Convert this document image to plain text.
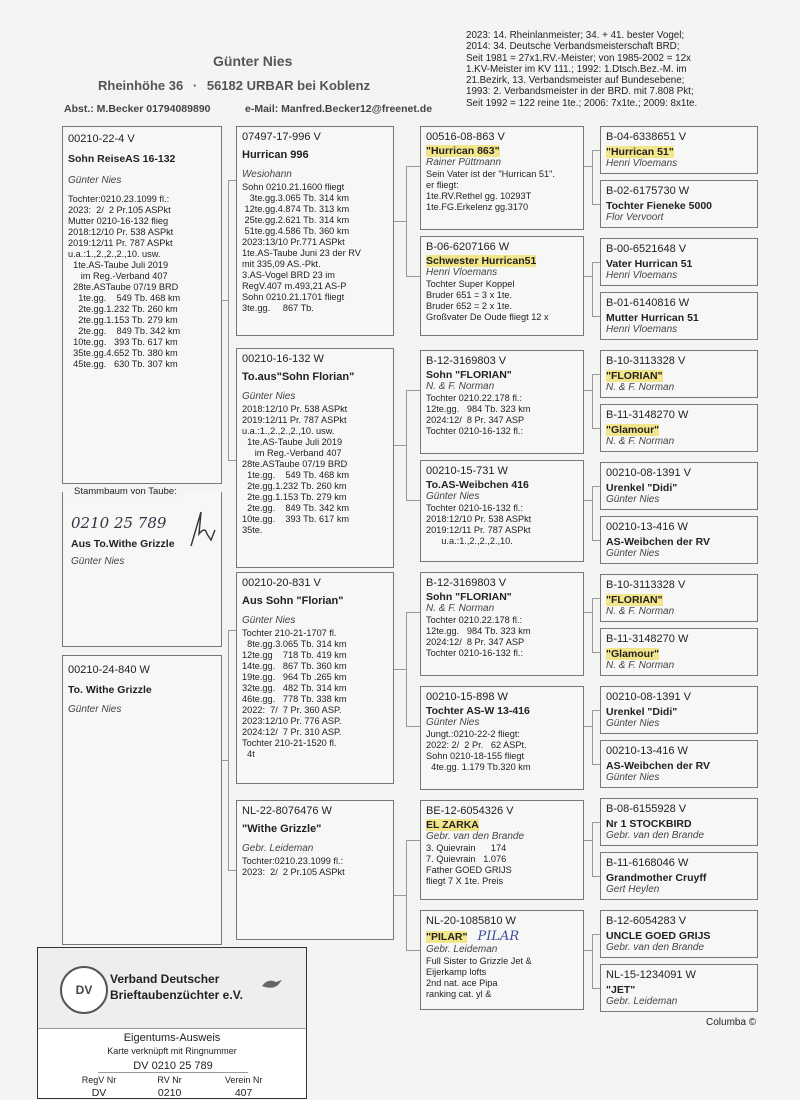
Günter Nies
Rheinhöhe 36 · 56182 URBAR bei Koblenz
Abst.: M.Becker 01794089890	e-Mail: Manfred.Becker12@freenet.de
2023: 14. Rheinlanmeister; 34. + 41. bester Vogel;
2014: 34. Deutsche Verbandsmeisterschaft BRD;
Seit 1981 = 27x1.RV.-Meister; von 1985-2002 = 12x
1.KV-Meister im KV 111.; 1992: 1.Dtsch.Bez.-M. im
21.Bezirk, 13. Verbandsmeister auf Bundesebene;
1993: 2. Verbandsmeister in der BRD. mit 7.808 Pkt;
Seit 1992 = 122 reine 1te.; 2006: 7x1te.; 2009: 8x1te.
00210-22-4 V
Sohn ReiseAS 16-132
Günter Nies
Tochter:0210.23.1099 fl.:
2023:  2/  2 Pr.105 ASPkt
Mutter 0210-16-132 flieg
2018:12/10 Pr. 538 ASPkt
2019:12/11 Pr. 787 ASPkt
u.a.:1.,2.,2.,2.,10. usw.
1te.AS-Taube Juli 2019
im Reg.-Verband 407
28te.ASTaube 07/19 BRD
1te.gg.    549 Tb. 468 km
2te.gg.1.232 Tb. 260 km
2te.gg.1.153 Tb. 279 km
2te.gg.    849 Tb. 342 km
10te.gg.   393 Tb. 617 km
35te.gg.4.652 Tb. 380 km
45te.gg.   630 Tb. 307 km
Stammbaum von Taube:
0210 25 789
Aus To.Withe Grizzle
Günter Nies
00210-24-840 W
To. Withe Grizzle
Günter Nies
07497-17-996 V
Hurrican 996
Wesiohann
Sohn 0210.21.1600 fliegt
3te.gg.3.065 Tb. 314 km
12te.gg.4.874 Tb. 313 km
25te.gg.2.621 Tb. 314 km
51te.gg.4.586 Tb. 360 km
2023:13/10 Pr.771 ASPkt
1te.AS-Taube Juni 23 der RV
mit 335,09 AS.-Pkt.
3.AS-Vogel BRD 23 im
RegV.407 m.493,21 AS-P
Sohn 0210.21.1701 fliegt
3te.gg.     867 Tb.
00210-16-132 W
To.aus"Sohn Florian"
Günter Nies
2018:12/10 Pr. 538 ASPkt
2019:12/11 Pr. 787 ASPkt
u.a.:1.,2.,2.,2.,10. usw.
1te.AS-Taube Juli 2019
im Reg.-Verband 407
28te.ASTaube 07/19 BRD
1te.gg.    549 Tb. 468 km
2te.gg.1.232 Tb. 260 km
2te.gg.1.153 Tb. 279 km
2te.gg.    849 Tb. 342 km
10te.gg.    393 Tb. 617 km
35te.
00210-20-831 V
Aus Sohn "Florian"
Günter Nies
Tochter 210-21-1707 fl.
8te.gg.3.065 Tb. 314 km
12te.gg    718 Tb. 419 km
14te.gg.   867 Tb. 360 km
19te.gg.   964 Tb .265 km
32te.gg.   482 Tb. 314 km
46te.gg.   778 Tb. 338 km
2022:  7/  7 Pr. 360 ASP.
2023:12/10 Pr. 776 ASP.
2024:12/  7 Pr. 310 ASP.
Tochter 210-21-1520 fl.
4t
NL-22-8076476 W
"Withe Grizzle"
Gebr. Leideman
Tochter:0210.23.1099 fl.:
2023:  2/  2 Pr.105 ASPkt
00516-08-863 V
"Hurrican 863"
Rainer Püttmann
Sein Vater ist der "Hurrican 51".
er fliegt:
1te.RV.Rethel gg. 10293T
1te.FG.Erkelenz gg.3170
B-06-6207166 W
Schwester Hurrican51
Henri Vloemans
Tochter Super Koppel
Bruder 651 = 3 x 1te.
Bruder 652 = 2 x 1te.
Großvater De Oude fliegt 12 x
B-12-3169803 V
Sohn "FLORIAN"
N. & F. Norman
Tochter 0210.22.178 fl.:
12te.gg.   984 Tb. 323 km
2024:12/  8 Pr. 347 ASP
Tochter 0210-16-132 fl.:
00210-15-731 W
To.AS-Weibchen 416
Günter Nies
Tochter 0210-16-132 fl.:
2018:12/10 Pr. 538 ASPkt
2019:12/11 Pr. 787 ASPkt
u.a.:1.,2.,2.,2.,10.
B-12-3169803 V
Sohn "FLORIAN"
N. & F. Norman
Tochter 0210.22.178 fl.:
12te.gg.   984 Tb. 323 km
2024:12/  8 Pr. 347 ASP
Tochter 0210-16-132 fl.:
00210-15-898 W
Tochter AS-W 13-416
Günter Nies
Jungt.:0210-22-2 fliegt:
2022: 2/  2 Pr.   62 ASPt.
Sohn 0210-18-155 fliegt
4te.gg. 1.179 Tb.320 km
BE-12-6054326 V
EL ZARKA
Gebr. van den Brande
3. Quievrain      174
7. Quievrain   1.076
Father GOED GRIJS
fliegt 7 X 1te. Preis
NL-20-1085810 W
"PILAR" PILAR
Gebr. Leideman
Full Sister to Grizzle Jet &
Eijerkamp lofts
2nd nat. ace Pipa
ranking cat. yl &
B-04-6338651 V
"Hurrican 51"
Henri Vloemans
B-02-6175730 W
Tochter Fieneke 5000
Flor Vervoort
B-00-6521648 V
Vater Hurrican 51
Henri Vloemans
B-01-6140816 W
Mutter Hurrican 51
Henri Vloemans
B-10-3113328 V
"FLORIAN"
N. & F. Norman
B-11-3148270 W
"Glamour"
N. & F. Norman
00210-08-1391 V
Urenkel "Didi"
Günter Nies
00210-13-416 W
AS-Weibchen der RV
Günter Nies
B-10-3113328 V
"FLORIAN"
N. & F. Norman
B-11-3148270 W
"Glamour"
N. & F. Norman
00210-08-1391 V
Urenkel "Didi"
Günter Nies
00210-13-416 W
AS-Weibchen der RV
Günter Nies
B-08-6155928 V
Nr 1 STOCKBIRD
Gebr. van den Brande
B-11-6168046 W
Grandmother Cruyff
Gert Heylen
B-12-6054283 V
UNCLE GOED GRIJS
Gebr. van den Brande
NL-15-1234091 W
"JET"
Gebr. Leideman
Columba ©
DV
Verband Deutscher
Brieftaubenzüchter e.V.
Eigentums-Ausweis
Karte verknüpft mit Ringnummer
DV 0210 25 789
RegV Nr	RV Nr	Verein Nr
DV	0210	407
